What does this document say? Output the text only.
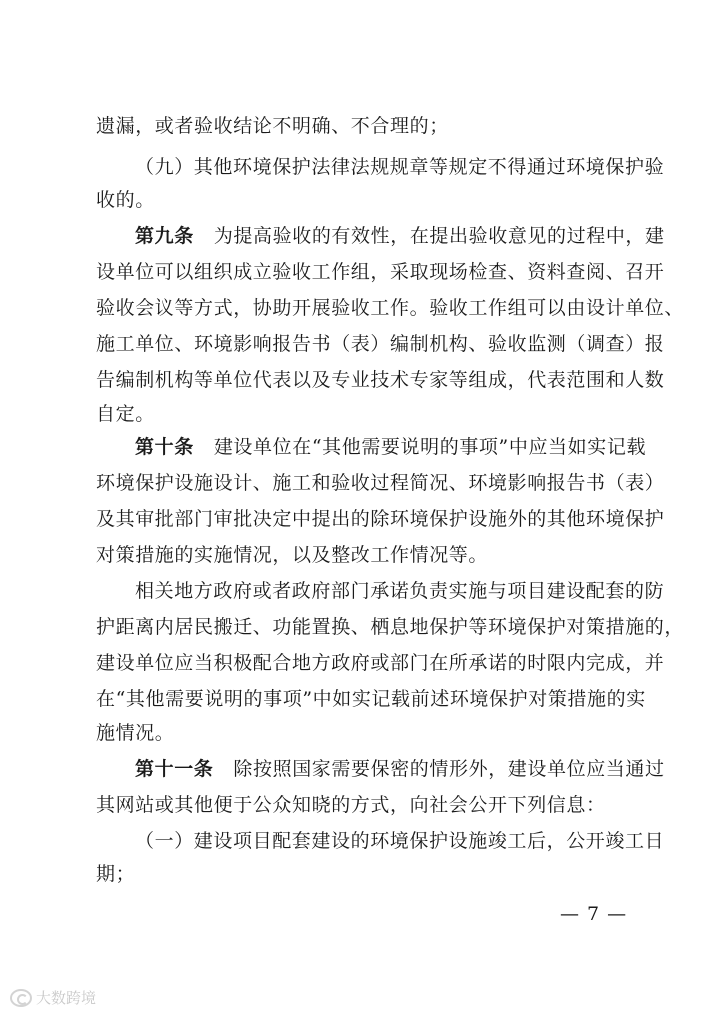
遗漏，或者验收结论不明确、不合理的；
（九）其他环境保护法律法规规章等规定不得通过环境保护验
收的。
第九条 为提高验收的有效性，在提出验收意见的过程中，建
设单位可以组织成立验收工作组，采取现场检查、资料查阅、召开
验收会议等方式，协助开展验收工作。验收工作组可以由设计单位、
施工单位、环境影响报告书（表）编制机构、验收监测（调查）报
告编制机构等单位代表以及专业技术专家等组成，代表范围和人数
自定。
第十条 建设单位在“其他需要说明的事项”中应当如实记载
环境保护设施设计、施工和验收过程简况、环境影响报告书（表）
及其审批部门审批决定中提出的除环境保护设施外的其他环境保护
对策措施的实施情况，以及整改工作情况等。
相关地方政府或者政府部门承诺负责实施与项目建设配套的防
护距离内居民搬迁、功能置换、栖息地保护等环境保护对策措施的，
建设单位应当积极配合地方政府或部门在所承诺的时限内完成，并
在“其他需要说明的事项”中如实记载前述环境保护对策措施的实
施情况。
第十一条 除按照国家需要保密的情形外，建设单位应当通过
其网站或其他便于公众知晓的方式，向社会公开下列信息：
（一）建设项目配套建设的环境保护设施竣工后，公开竣工日
期；
— 7 —
大数跨境
